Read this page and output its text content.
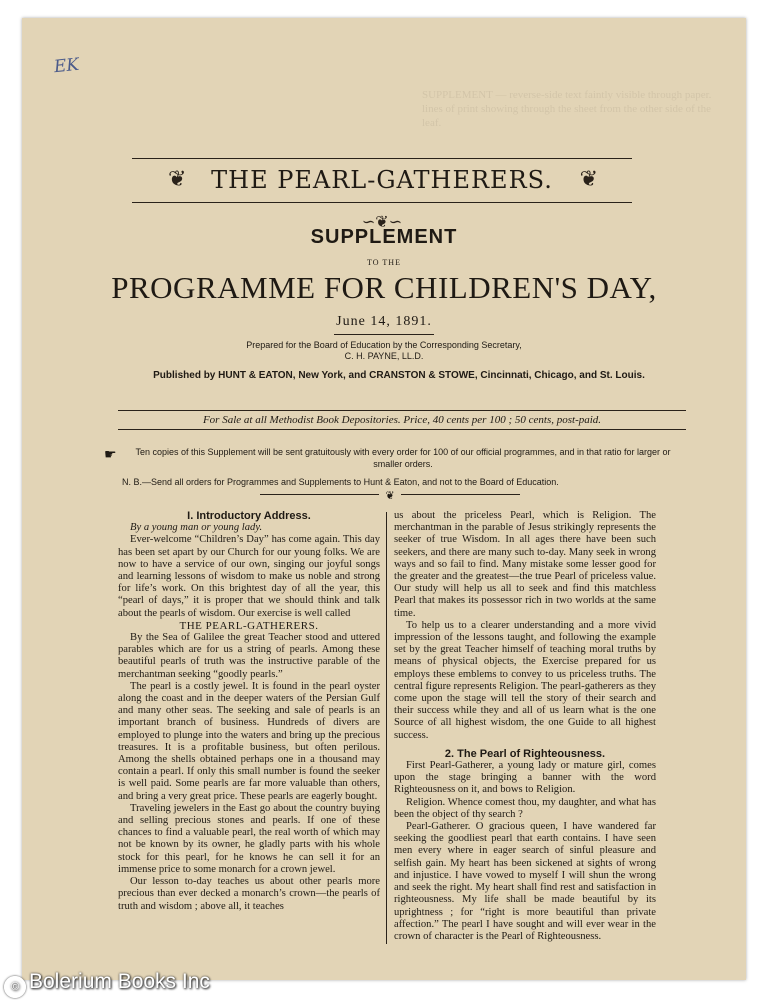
SUPPLEMENT — reverse-side text faintly visible through paper. lines of print showing through the sheet from the other side of the leaf.
EK
❦	THE PEARL-GATHERERS.	❦
∽❦∽
SUPPLEMENT
TO THE
PROGRAMME FOR CHILDREN'S DAY,
June 14, 1891.
Prepared for the Board of Education by the Corresponding Secretary,
C. H. PAYNE, LL.D.
Published by HUNT & EATON, New York, and CRANSTON & STOWE, Cincinnati, Chicago, and St. Louis.
For Sale at all Methodist Book Depositories. Price, 40 cents per 100 ; 50 cents, post-paid.
☛	Ten copies of this Supplement will be sent gratuitously with every order for 100 of our official programmes, and in that ratio for larger or smaller orders.

N. B.—Send all orders for Programmes and Supplements to Hunt & Eaton, and not to the Board of Education.
❦

I. Introductory Address.

By a young man or young lady.

Ever-welcome “Children’s Day” has come again. This day has been set apart by our Church for our young folks. We are now to have a service of our own, singing our joyful songs and learning lessons of wisdom to make us noble and strong for life’s work. On this brightest day of all the year, this “pearl of days,” it is proper that we should think and talk about the pearls of wisdom. Our exercise is well called

THE PEARL-GATHERERS.

By the Sea of Galilee the great Teacher stood and uttered parables which are for us a string of pearls. Among these beautiful pearls of truth was the instructive parable of the merchantman seeking “goodly pearls.”

The pearl is a costly jewel. It is found in the pearl oyster along the coast and in the deeper waters of the Persian Gulf and many other seas. The seeking and sale of pearls is an important branch of business. Hundreds of divers are employed to plunge into the waters and bring up the precious treasures. It is a profitable business, but often perilous. Among the shells obtained perhaps one in a thousand may contain a pearl. If only this small number is found the seeker is well paid. Some pearls are far more valuable than others, and bring a very great price. These pearls are eagerly bought.

Traveling jewelers in the East go about the country buying and selling precious stones and pearls. If one of these chances to find a valuable pearl, the real worth of which may not be known by its owner, he gladly parts with his whole stock for this pearl, for he knows he can sell it for an immense price to some monarch for a crown jewel.

Our lesson to-day teaches us about other pearls more precious than ever decked a monarch’s crown—the pearls of truth and wisdom ; above all, it teaches

us about the priceless Pearl, which is Religion. The merchantman in the parable of Jesus strikingly represents the seeker of true Wisdom. In all ages there have been such seekers, and there are many such to-day. Many seek in wrong ways and so fail to find. Many mistake some lesser good for the greater and the greatest—the true Pearl of priceless value. Our study will help us all to seek and find this matchless Pearl that makes its possessor rich in two worlds at the same time.

To help us to a clearer understanding and a more vivid impression of the lessons taught, and following the example set by the great Teacher himself of teaching moral truths by means of physical objects, the Exercise prepared for us employs these emblems to convey to us priceless truths. The central figure represents Religion. The pearl-gatherers as they come upon the stage will tell the story of their search and their success while they and all of us learn what is the one Source of all highest wisdom, the one Guide to all highest success.

2. The Pearl of Righteousness.

First Pearl-Gatherer, a young lady or mature girl, comes upon the stage bringing a banner with the word Righteousness on it, and bows to Religion.

Religion. Whence comest thou, my daughter, and what has been the object of thy search ?

Pearl-Gatherer. O gracious queen, I have wandered far seeking the goodliest pearl that earth contains. I have seen men every where in eager search of sinful pleasure and selfish gain. My heart has been sickened at sights of wrong and injustice. I have vowed to myself I will shun the wrong and seek the right. My heart shall find rest and satisfaction in righteousness. My life shall be made beautiful by its uprightness ; for “right is more beautiful than private affection.” The pearl I have sought and will ever wear in the crown of character is the Pearl of Righteousness.

© Bolerium Books Inc
